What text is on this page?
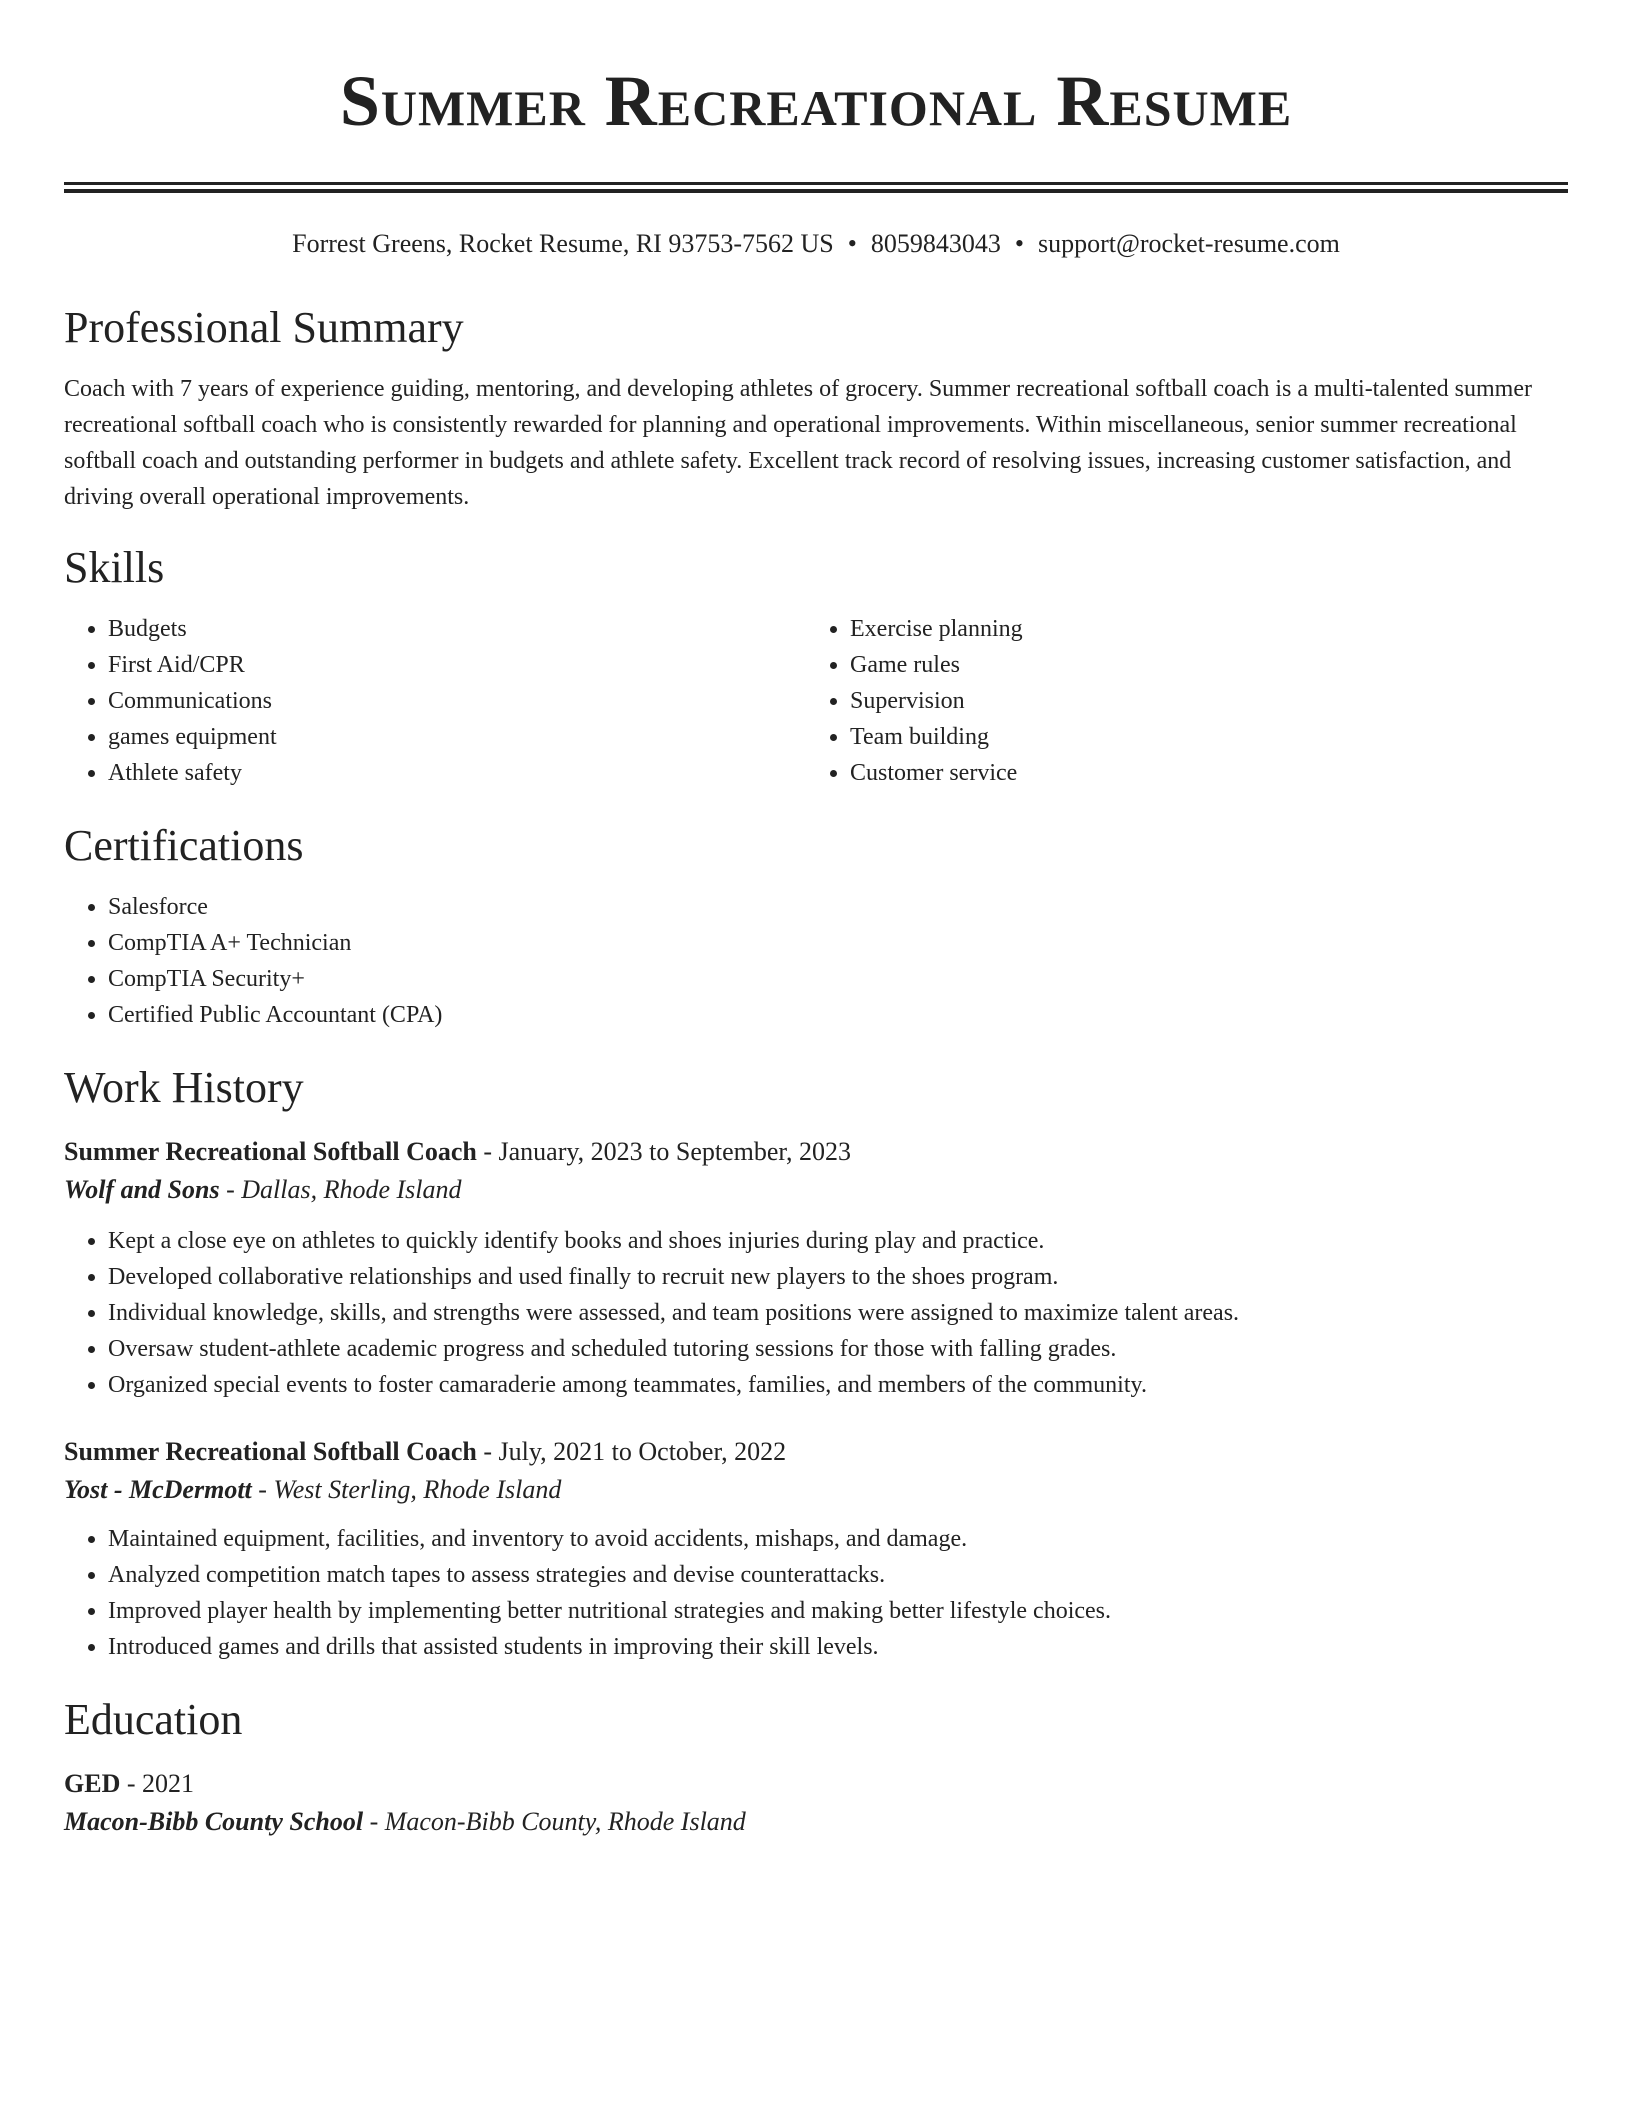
Summer Recreational Resume
Forrest Greens, Rocket Resume, RI 93753-7562 US • 8059843043 • support@rocket-resume.com
Professional Summary

Coach with 7 years of experience guiding, mentoring, and developing athletes of grocery. Summer recreational softball coach is a multi-talented summer recreational softball coach who is consistently rewarded for planning and operational improvements. Within miscellaneous, senior summer recreational softball coach and outstanding performer in budgets and athlete safety. Excellent track record of resolving issues, increasing customer satisfaction, and driving overall operational improvements.

Skills
• Budgets
• First Aid/CPR
• Communications
• games equipment
• Athlete safety
• Exercise planning
• Game rules
• Supervision
• Team building
• Customer service
Certifications
• Salesforce
• CompTIA A+ Technician
• CompTIA Security+
• Certified Public Accountant (CPA)
Work History
Summer Recreational Softball Coach - January, 2023 to September, 2023
Wolf and Sons - Dallas, Rhode Island
• Kept a close eye on athletes to quickly identify books and shoes injuries during play and practice.
• Developed collaborative relationships and used finally to recruit new players to the shoes program.
• Individual knowledge, skills, and strengths were assessed, and team positions were assigned to maximize talent areas.
• Oversaw student-athlete academic progress and scheduled tutoring sessions for those with falling grades.
• Organized special events to foster camaraderie among teammates, families, and members of the community.
Summer Recreational Softball Coach - July, 2021 to October, 2022
Yost - McDermott - West Sterling, Rhode Island
• Maintained equipment, facilities, and inventory to avoid accidents, mishaps, and damage.
• Analyzed competition match tapes to assess strategies and devise counterattacks.
• Improved player health by implementing better nutritional strategies and making better lifestyle choices.
• Introduced games and drills that assisted students in improving their skill levels.
Education
GED - 2021
Macon-Bibb County School - Macon-Bibb County, Rhode Island
